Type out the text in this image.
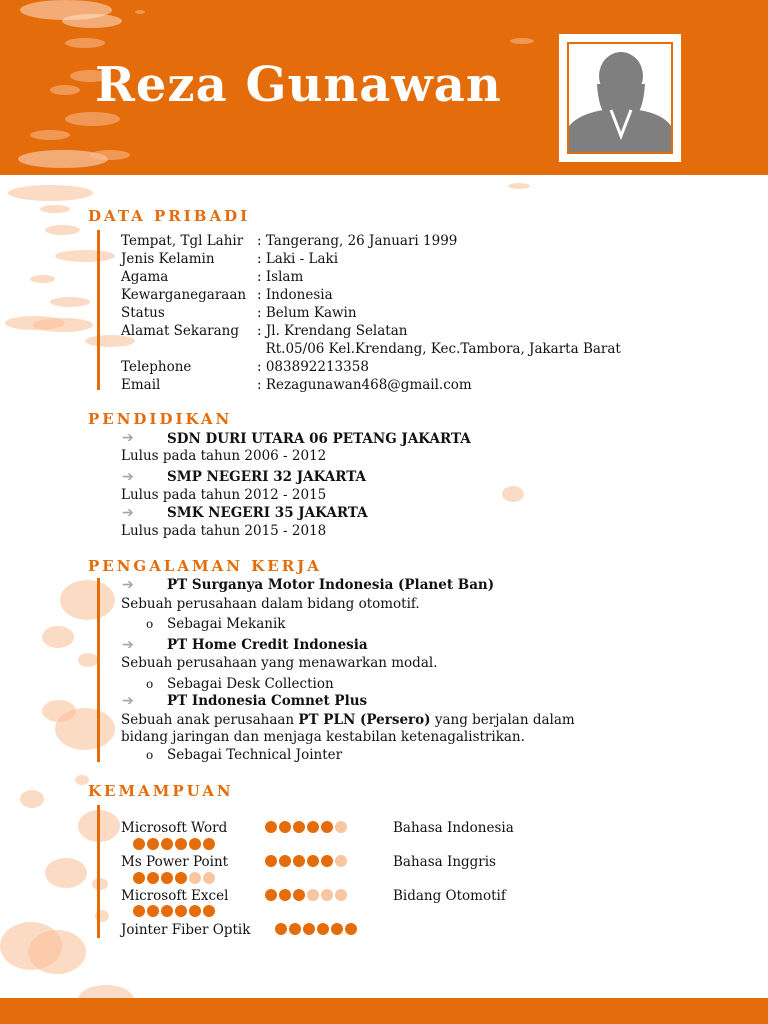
Reza Gunawan
DATA PRIBADI
Tempat, Tgl Lahir : Tangerang, 26 Januari 1999
Jenis Kelamin	: Laki - Laki
Agama	: Islam
Kewarganegaraan : Indonesia
Status	: Belum Kawin
Alamat Sekarang : Jl. Krendang Selatan
Rt.05/06 Kel.Krendang, Kec.Tambora, Jakarta Barat
Telephone	: 083892213358
Email	: Rezagunawan468@gmail.com
PENDIDIKAN
➔ SDN DURI UTARA 06 PETANG JAKARTA
Lulus pada tahun 2006 - 2012
➔ SMP NEGERI 32 JAKARTA
Lulus pada tahun 2012 - 2015
➔ SMK NEGERI 35 JAKARTA
Lulus pada tahun 2015 - 2018
PENGALAMAN KERJA
➔ PT Surganya Motor Indonesia (Planet Ban)
Sebuah perusahaan dalam bidang otomotif.
o Sebagai Mekanik
➔ PT Home Credit Indonesia
Sebuah perusahaan yang menawarkan modal.
o Sebagai Desk Collection
➔ PT Indonesia Comnet Plus
Sebuah anak perusahaan PT PLN (Persero) yang berjalan dalam
bidang jaringan dan menjaga kestabilan ketenagalistrikan.
o Sebagai Technical Jointer
KEMAMPUAN
Microsoft Word	Bahasa Indonesia
Ms Power Point	Bahasa Inggris
Microsoft Excel	Bidang Otomotif
Jointer Fiber Optik
